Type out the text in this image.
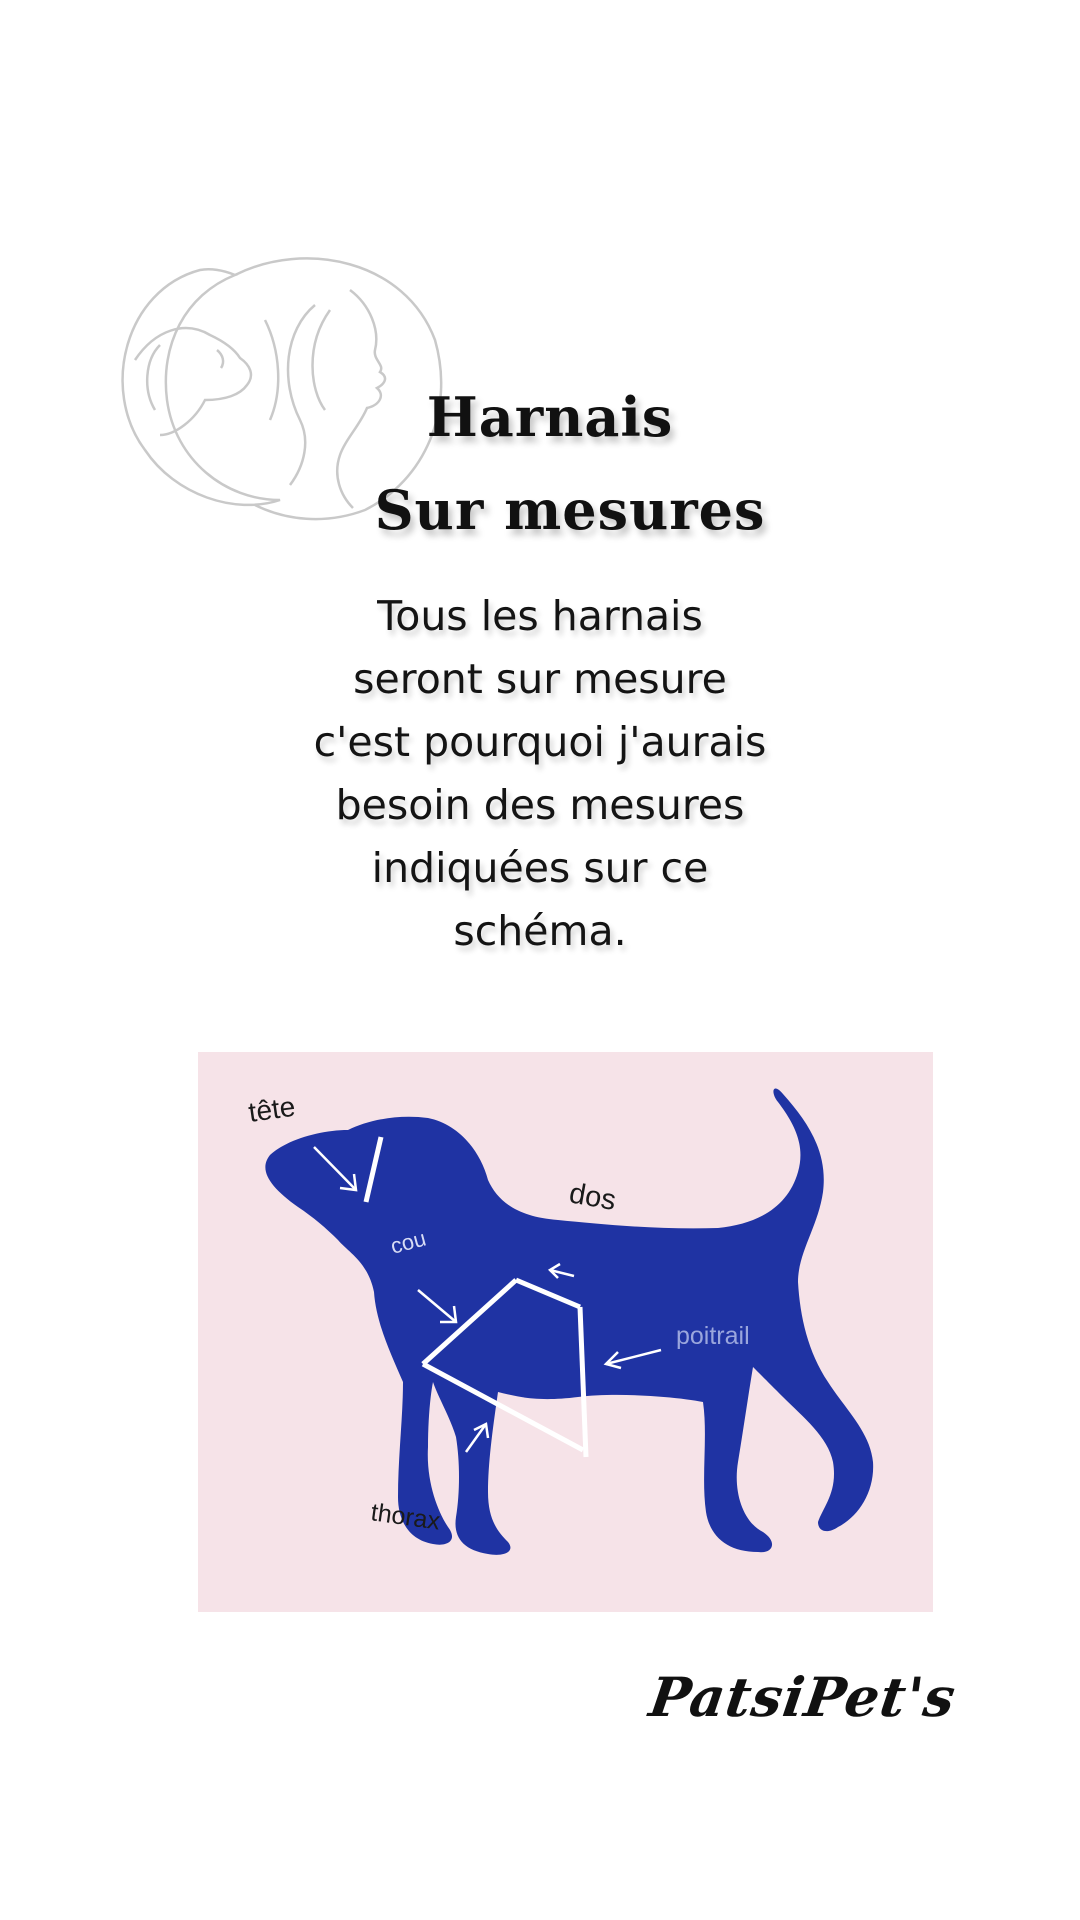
Harnais
Sur mesures
Tous les harnais
seront sur mesure
c'est pourquoi j'aurais
besoin des mesures
indiquées sur ce
schéma.
tête
cou
dos
poitrail
thorax
PatsiPet's
